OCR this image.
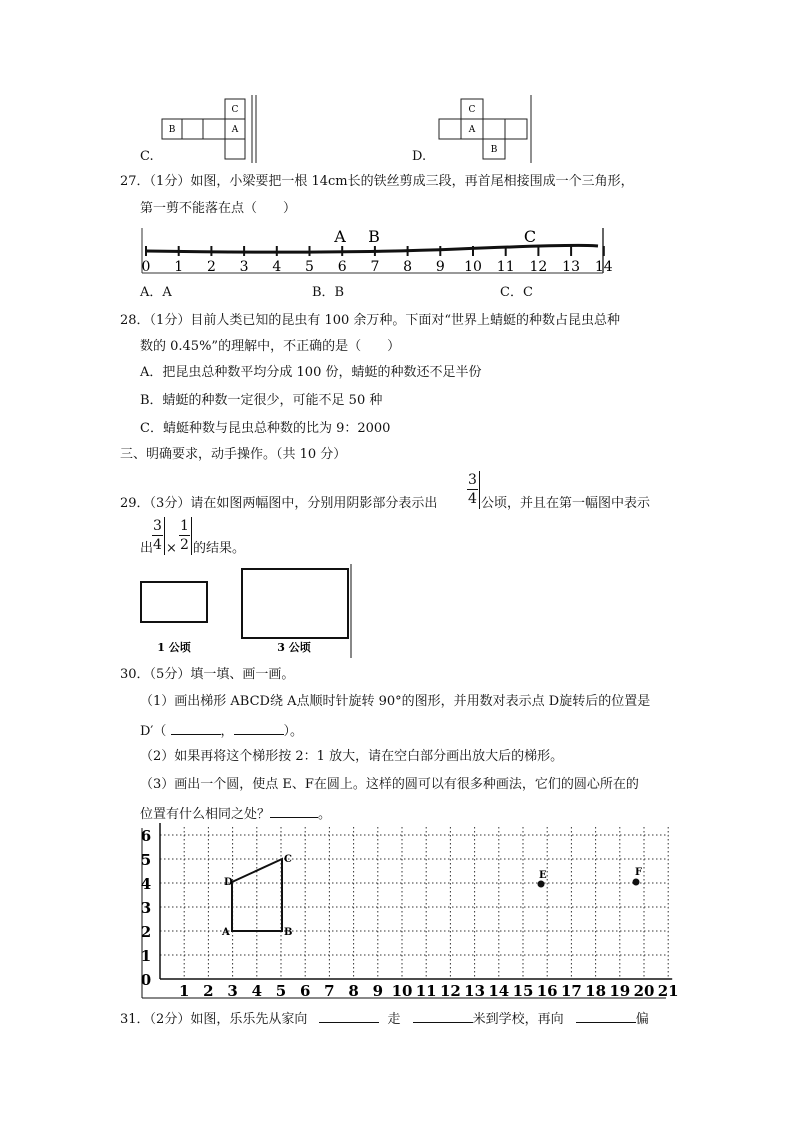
C
B	A
C.
C
A
B
D.
27．（1分）如图，小梁要把一根 14cm长的铁丝剪成三段，再首尾相接围成一个三角形，
第一剪不能落在点（　　）
0 1 2 3 4 5 6 7 8 9 10 11 12 13 14
A B	C
A．A	B．B	C．C
28．（1分）目前人类已知的昆虫有 100 余万种。下面对“世界上蜻蜓的种数占昆虫总种
数的 0.45%”的理解中，不正确的是（　　）
A．把昆虫总种数平均分成 100 份，蜻蜓的种数还不足半份
B．蜻蜓的种数一定很少，可能不足 50 种
C．蜻蜓种数与昆虫总种数的比为 9：2000
三、明确要求，动手操作。（共 10 分）
29．（3分）请在如图两幅图中，分别用阴影部分表示出
3
4 公顷，并且在第一幅图中表示
出
3
4 ×
1
2 的结果。
1 公顷	3 公顷
30．（5分）填一填、画一画。
（1）画出梯形 ABCD绕 A点顺时针旋转 90°的图形，并用数对表示点 D旋转后的位置是
D′（	，	）。
（2）如果再将这个梯形按 2：1 放大，请在空白部分画出放大后的梯形。
（3）画出一个圆，使点 E、F在圆上。这样的圆可以有很多种画法，它们的圆心所在的
位置有什么相同之处？	。
0
1
2
3
4
5
6
1 2 3 4 5 6 7 8 9 10 11 12 13 14 15 16 17 18 19 20 21
D
C
A	B
E	F
31．（2分）如图，乐乐先从家向	走	米到学校，再向	偏
